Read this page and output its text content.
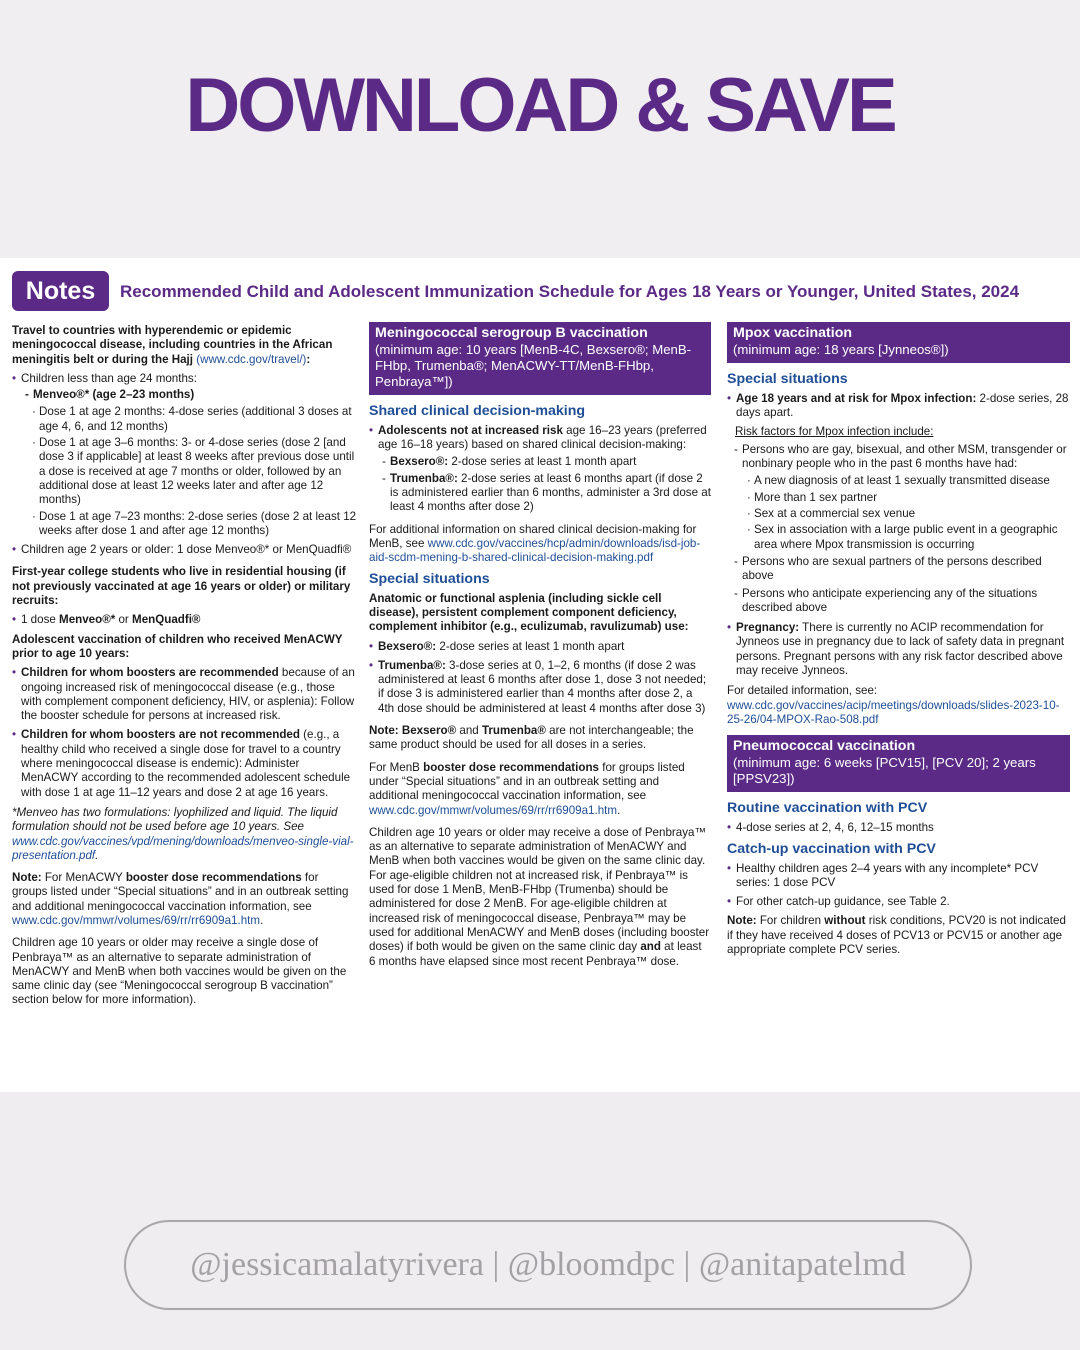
DOWNLOAD & SAVE
Notes	Recommended Child and Adolescent Immunization Schedule for Ages 18 Years or Younger, United States, 2024
Travel to countries with hyperendemic or epidemic meningococcal disease, including countries in the African meningitis belt or during the Hajj (www.cdc.gov/travel/):
• Children less than age 24 months:
- Menveo®* (age 2–23 months)
· Dose 1 at age 2 months: 4-dose series (additional 3 doses at age 4, 6, and 12 months)
· Dose 1 at age 3–6 months: 3- or 4-dose series (dose 2 [and dose 3 if applicable] at least 8 weeks after previous dose until a dose is received at age 7 months or older, followed by an additional dose at least 12 weeks later and after age 12 months)
· Dose 1 at age 7–23 months: 2-dose series (dose 2 at least 12 weeks after dose 1 and after age 12 months)
• Children age 2 years or older: 1 dose Menveo®* or MenQuadfi®
First-year college students who live in residential housing (if not previously vaccinated at age 16 years or older) or military recruits:
• 1 dose Menveo®* or MenQuadfi®
Adolescent vaccination of children who received MenACWY prior to age 10 years:
• Children for whom boosters are recommended because of an ongoing increased risk of meningococcal disease (e.g., those with complement component deficiency, HIV, or asplenia): Follow the booster schedule for persons at increased risk.
• Children for whom boosters are not recommended (e.g., a healthy child who received a single dose for travel to a country where meningococcal disease is endemic): Administer MenACWY according to the recommended adolescent schedule with dose 1 at age 11–12 years and dose 2 at age 16 years.
*Menveo has two formulations: lyophilized and liquid. The liquid formulation should not be used before age 10 years. See www.cdc.gov/vaccines/vpd/mening/downloads/menveo-single-vial-presentation.pdf.
Note: For MenACWY booster dose recommendations for groups listed under “Special situations” and in an outbreak setting and additional meningococcal vaccination information, see www.cdc.gov/mmwr/volumes/69/rr/rr6909a1.htm.
Children age 10 years or older may receive a single dose of Penbraya™ as an alternative to separate administration of MenACWY and MenB when both vaccines would be given on the same clinic day (see “Meningococcal serogroup B vaccination” section below for more information).
Meningococcal serogroup B vaccination
(minimum age: 10 years [MenB-4C, Bexsero®; MenB-FHbp, Trumenba®; MenACWY-TT/MenB-FHbp, Penbraya™])
Shared clinical decision-making
• Adolescents not at increased risk age 16–23 years (preferred age 16–18 years) based on shared clinical decision-making:
- Bexsero®: 2-dose series at least 1 month apart
- Trumenba®: 2-dose series at least 6 months apart (if dose 2 is administered earlier than 6 months, administer a 3rd dose at least 4 months after dose 2)
For additional information on shared clinical decision-making for MenB, see www.cdc.gov/vaccines/hcp/admin/downloads/isd-job-aid-scdm-mening-b-shared-clinical-decision-making.pdf
Special situations
Anatomic or functional asplenia (including sickle cell disease), persistent complement component deficiency, complement inhibitor (e.g., eculizumab, ravulizumab) use:
• Bexsero®: 2-dose series at least 1 month apart
• Trumenba®: 3-dose series at 0, 1–2, 6 months (if dose 2 was administered at least 6 months after dose 1, dose 3 not needed; if dose 3 is administered earlier than 4 months after dose 2, a 4th dose should be administered at least 4 months after dose 3)
Note: Bexsero® and Trumenba® are not interchangeable; the same product should be used for all doses in a series.
For MenB booster dose recommendations for groups listed under “Special situations” and in an outbreak setting and additional meningococcal vaccination information, see www.cdc.gov/mmwr/volumes/69/rr/rr6909a1.htm.
Children age 10 years or older may receive a dose of Penbraya™ as an alternative to separate administration of MenACWY and MenB when both vaccines would be given on the same clinic day. For age-eligible children not at increased risk, if Penbraya™ is used for dose 1 MenB, MenB-FHbp (Trumenba) should be administered for dose 2 MenB. For age-eligible children at increased risk of meningococcal disease, Penbraya™ may be used for additional MenACWY and MenB doses (including booster doses) if both would be given on the same clinic day and at least 6 months have elapsed since most recent Penbraya™ dose.
Mpox vaccination
(minimum age: 18 years [Jynneos®])
Special situations
• Age 18 years and at risk for Mpox infection: 2-dose series, 28 days apart.
Risk factors for Mpox infection include:
- Persons who are gay, bisexual, and other MSM, transgender or nonbinary people who in the past 6 months have had:
· A new diagnosis of at least 1 sexually transmitted disease
· More than 1 sex partner
· Sex at a commercial sex venue
· Sex in association with a large public event in a geographic area where Mpox transmission is occurring
- Persons who are sexual partners of the persons described above
- Persons who anticipate experiencing any of the situations described above
• Pregnancy: There is currently no ACIP recommendation for Jynneos use in pregnancy due to lack of safety data in pregnant persons. Pregnant persons with any risk factor described above may receive Jynneos.
For detailed information, see: www.cdc.gov/vaccines/acip/meetings/downloads/slides-2023-10-25-26/04-MPOX-Rao-508.pdf
Pneumococcal vaccination
(minimum age: 6 weeks [PCV15], [PCV 20]; 2 years [PPSV23])
Routine vaccination with PCV
• 4-dose series at 2, 4, 6, 12–15 months
Catch-up vaccination with PCV
• Healthy children ages 2–4 years with any incomplete* PCV series: 1 dose PCV
• For other catch-up guidance, see Table 2.
Note: For children without risk conditions, PCV20 is not indicated if they have received 4 doses of PCV13 or PCV15 or another age appropriate complete PCV series.
@jessicamalatyrivera | @bloomdpc | @anitapatelmd
